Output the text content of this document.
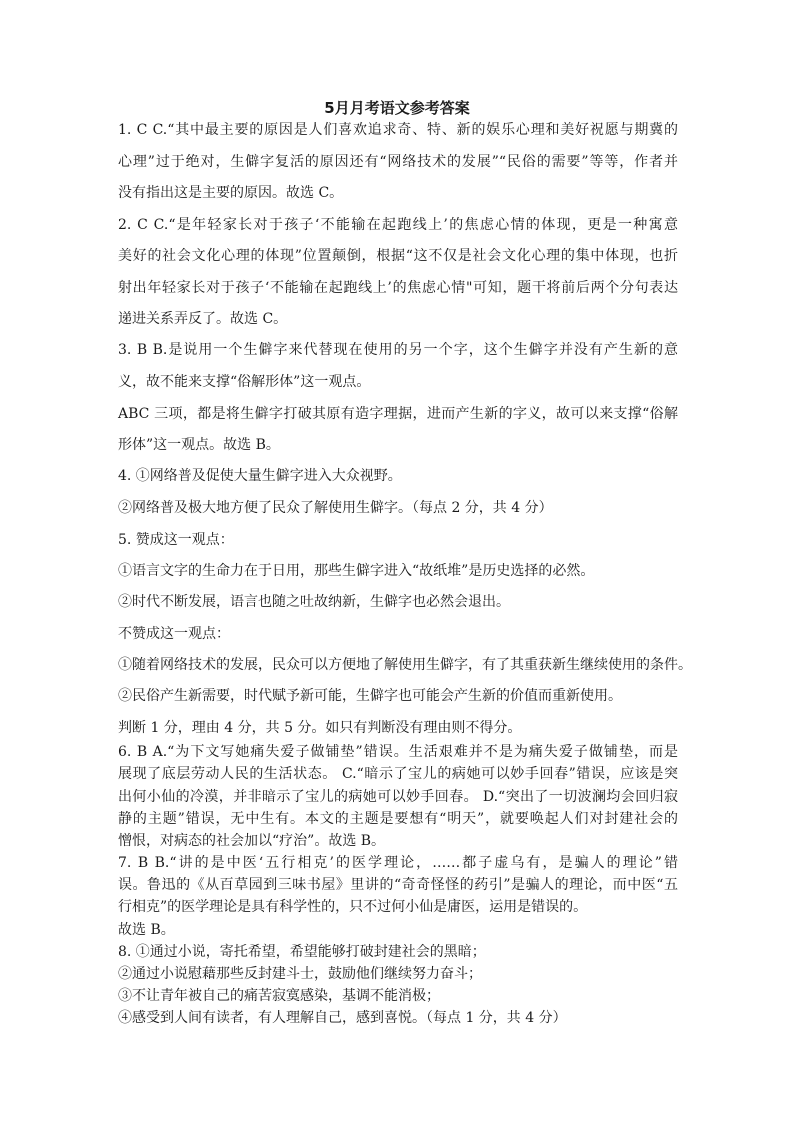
5月月考语文参考答案
1. C C.“其中最主要的原因是人们喜欢追求奇、特、新的娱乐心理和美好祝愿与期冀的
心理”过于绝对，生僻字复活的原因还有“网络技术的发展”“民俗的需要”等等，作者并
没有指出这是主要的原因。故选 C。
2. C C.“是年轻家长对于孩子‘不能输在起跑线上’的焦虑心情的体现，更是一种寓意
美好的社会文化心理的体现”位置颠倒，根据“这不仅是社会文化心理的集中体现，也折
射出年轻家长对于孩子‘不能输在起跑线上’的焦虑心情"可知，题干将前后两个分句表达
递进关系弄反了。故选 C。
3. B B.是说用一个生僻字来代替现在使用的另一个字，这个生僻字并没有产生新的意
义，故不能来支撑“俗解形体”这一观点。
ABC 三项，都是将生僻字打破其原有造字理据，进而产生新的字义，故可以来支撑“俗解
形体”这一观点。故选 B。
4. ①网络普及促使大量生僻字进入大众视野。
②网络普及极大地方便了民众了解使用生僻字。（每点 2 分，共 4 分）
5. 赞成这一观点：
①语言文字的生命力在于日用，那些生僻字进入“故纸堆”是历史选择的必然。
②时代不断发展，语言也随之吐故纳新，生僻字也必然会退出。
不赞成这一观点：
①随着网络技术的发展，民众可以方便地了解使用生僻字，有了其重获新生继续使用的条件。
②民俗产生新需要，时代赋予新可能，生僻字也可能会产生新的价值而重新使用。
判断 1 分，理由 4 分，共 5 分。如只有判断没有理由则不得分。
6. B A.“为下文写她痛失爱子做铺垫”错误。生活艰难并不是为痛失爱子做铺垫，而是
展现了底层劳动人民的生活状态。 C.“暗示了宝儿的病她可以妙手回春”错误，应该是突
出何小仙的冷漠，并非暗示了宝儿的病她可以妙手回春。 D.“突出了一切波澜均会回归寂
静的主题”错误，无中生有。本文的主题是要想有“明天”，就要唤起人们对封建社会的
憎恨，对病态的社会加以“疗治”。故选 B。
7. B B.“讲的是中医‘五行相克’的医学理论，……都子虚乌有，是骗人的理论”错
误。鲁迅的《从百草园到三味书屋》里讲的“奇奇怪怪的药引”是骗人的理论，而中医“五
行相克”的医学理论是具有科学性的，只不过何小仙是庸医，运用是错误的。
故选 B。
8. ①通过小说，寄托希望，希望能够打破封建社会的黑暗；
②通过小说慰藉那些反封建斗士，鼓励他们继续努力奋斗；
③不让青年被自己的痛苦寂寞感染，基调不能消极；
④感受到人间有读者，有人理解自己，感到喜悦。（每点 1 分，共 4 分）
